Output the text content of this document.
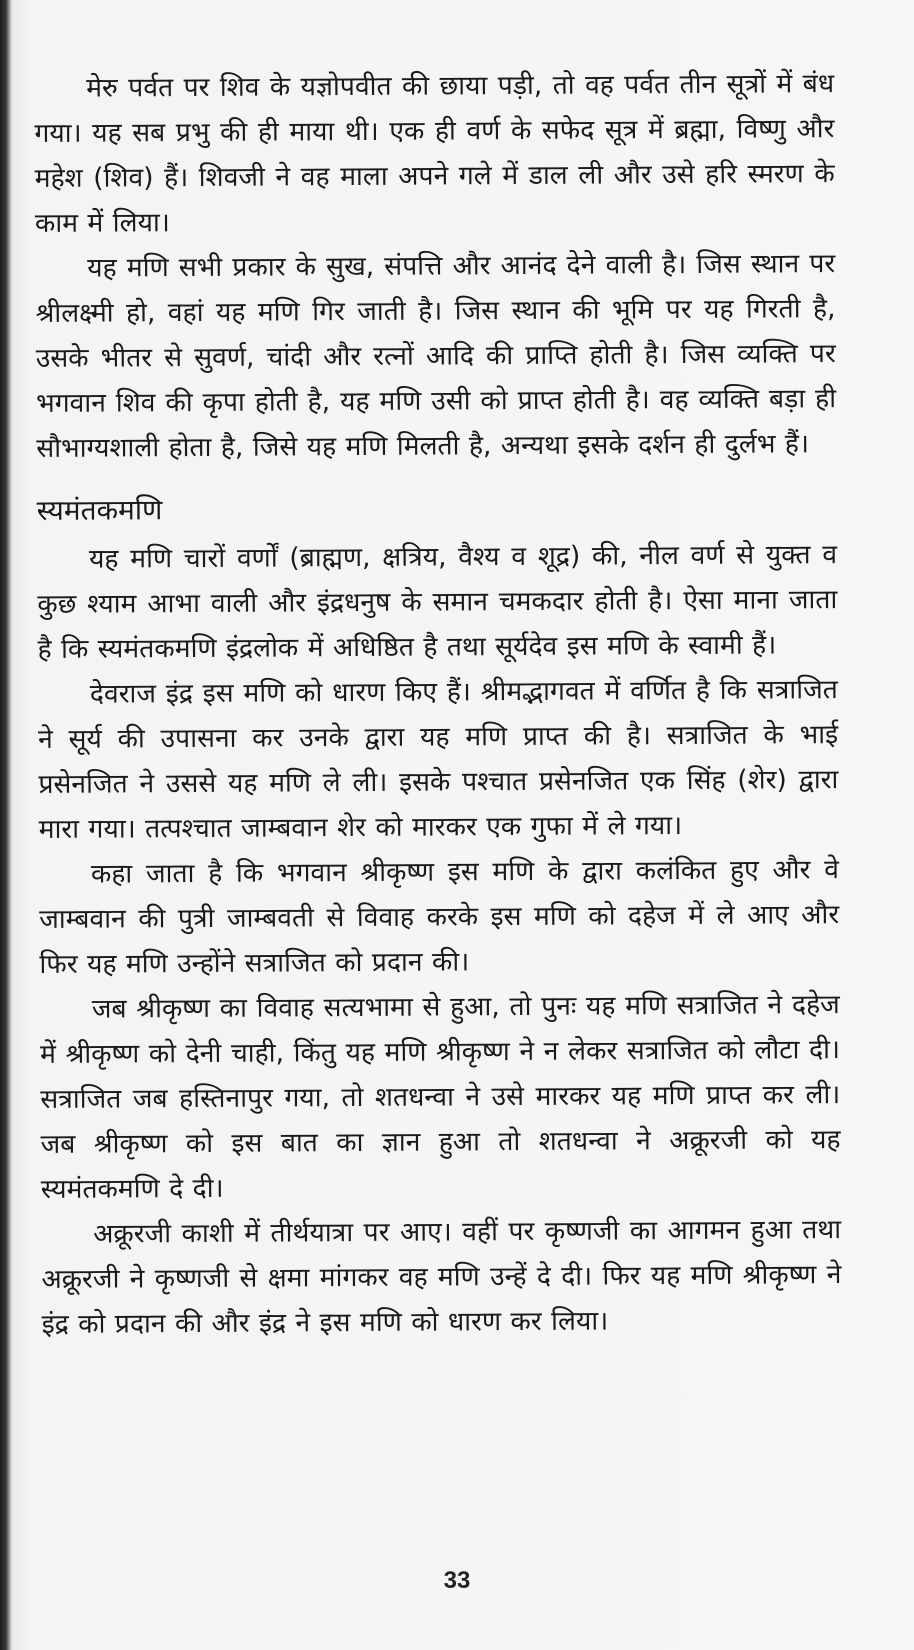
मेरु पर्वत पर शिव के यज्ञोपवीत की छाया पड़ी, तो वह पर्वत तीन सूत्रों में बंध गया। यह सब प्रभु की ही माया थी। एक ही वर्ण के सफेद सूत्र में ब्रह्मा, विष्णु और महेश (शिव) हैं। शिवजी ने वह माला अपने गले में डाल ली और उसे हरि स्मरण के काम में लिया।

यह मणि सभी प्रकार के सुख, संपत्ति और आनंद देने वाली है। जिस स्थान पर श्रीलक्ष्मी हो, वहां यह मणि गिर जाती है। जिस स्थान की भूमि पर यह गिरती है, उसके भीतर से सुवर्ण, चांदी और रत्नों आदि की प्राप्ति होती है। जिस व्यक्ति पर भगवान शिव की कृपा होती है, यह मणि उसी को प्राप्त होती है। वह व्यक्ति बड़ा ही सौभाग्यशाली होता है, जिसे यह मणि मिलती है, अन्यथा इसके दर्शन ही दुर्लभ हैं।

स्यमंतकमणि

यह मणि चारों वर्णों (ब्राह्मण, क्षत्रिय, वैश्य व शूद्र) की, नील वर्ण से युक्त व कुछ श्याम आभा वाली और इंद्रधनुष के समान चमकदार होती है। ऐसा माना जाता है कि स्यमंतकमणि इंद्रलोक में अधिष्ठित है तथा सूर्यदेव इस मणि के स्वामी हैं।

देवराज इंद्र इस मणि को धारण किए हैं। श्रीमद्भागवत में वर्णित है कि सत्राजित ने सूर्य की उपासना कर उनके द्वारा यह मणि प्राप्त की है। सत्राजित के भाई प्रसेनजित ने उससे यह मणि ले ली। इसके पश्चात प्रसेनजित एक सिंह (शेर) द्वारा मारा गया। तत्पश्चात जाम्बवान शेर को मारकर एक गुफा में ले गया।

कहा जाता है कि भगवान श्रीकृष्ण इस मणि के द्वारा कलंकित हुए और वे जाम्बवान की पुत्री जाम्बवती से विवाह करके इस मणि को दहेज में ले आए और फिर यह मणि उन्होंने सत्राजित को प्रदान की।

जब श्रीकृष्ण का विवाह सत्यभामा से हुआ, तो पुनः यह मणि सत्राजित ने दहेज में श्रीकृष्ण को देनी चाही, किंतु यह मणि श्रीकृष्ण ने न लेकर सत्राजित को लौटा दी। सत्राजित जब हस्तिनापुर गया, तो शतधन्वा ने उसे मारकर यह मणि प्राप्त कर ली। जब श्रीकृष्ण को इस बात का ज्ञान हुआ तो शतधन्वा ने अक्रूरजी को यह स्यमंतकमणि दे दी।

अक्रूरजी काशी में तीर्थयात्रा पर आए। वहीं पर कृष्णजी का आगमन हुआ तथा अक्रूरजी ने कृष्णजी से क्षमा मांगकर वह मणि उन्हें दे दी। फिर यह मणि श्रीकृष्ण ने इंद्र को प्रदान की और इंद्र ने इस मणि को धारण कर लिया।

33
